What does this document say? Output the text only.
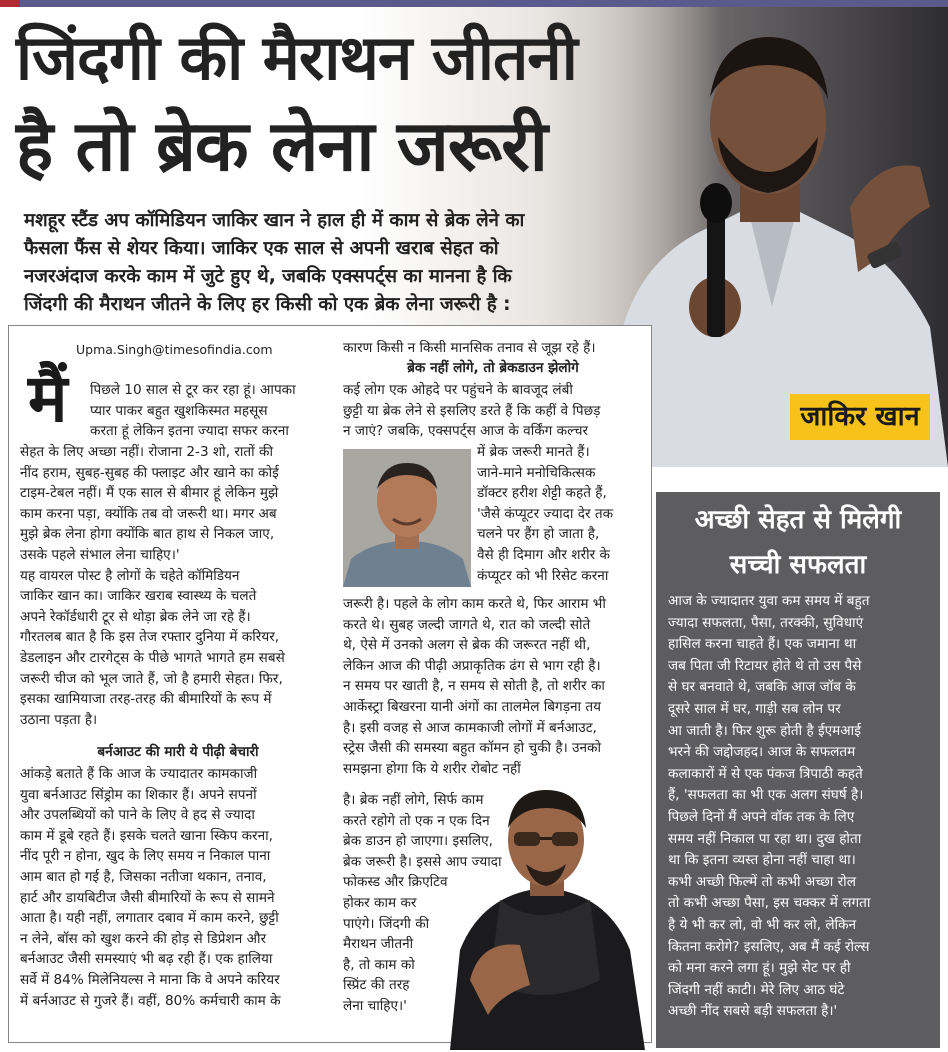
जिंदगी की मैराथन जीतनी
है तो ब्रेक लेना जरूरी

मशहूर स्टैंड अप कॉमिडियन जाकिर खान ने हाल ही में काम से ब्रेक लेने का

फैसला फैंस से शेयर किया। जाकिर एक साल से अपनी खराब सेहत को

नजरअंदाज करके काम में जुटे हुए थे, जबकि एक्सपर्ट्स का मानना है कि

जिंदगी की मैराथन जीतने के लिए हर किसी को एक ब्रेक लेना जरूरी है :

जाकिर खान
Upma.Singh@timesofindia.com
मैं पिछले 10 साल से टूर कर रहा हूं। आपका

प्यार पाकर बहुत खुशकिस्मत महसूस

करता हूं लेकिन इतना ज्यादा सफर करना

सेहत के लिए अच्छा नहीं। रोजाना 2-3 शो, रातों की

नींद हराम, सुबह-सुबह की फ्लाइट और खाने का कोई

टाइम-टेबल नहीं। मैं एक साल से बीमार हूं लेकिन मुझे

काम करना पड़ा, क्योंकि तब वो जरूरी था। मगर अब

मुझे ब्रेक लेना होगा क्योंकि बात हाथ से निकल जाए,

उसके पहले संभाल लेना चाहिए।'

यह वायरल पोस्ट है लोगों के चहेते कॉमिडियन

जाकिर खान का। जाकिर खराब स्वास्थ्य के चलते

अपने रेकॉर्डधारी टूर से थोड़ा ब्रेक लेने जा रहे हैं।

गौरतलब बात है कि इस तेज रफ्तार दुनिया में करियर,

डेडलाइन और टारगेट्स के पीछे भागते भागते हम सबसे

जरूरी चीज को भूल जाते हैं, जो है हमारी सेहत। फिर,

इसका खामियाजा तरह-तरह की बीमारियों के रूप में

उठाना पड़ता है।

बर्नआउट की मारी ये पीढ़ी बेचारी

आंकड़े बताते हैं कि आज के ज्यादातर कामकाजी

युवा बर्नआउट सिंड्रोम का शिकार हैं। अपने सपनों

और उपलब्धियों को पाने के लिए वे हद से ज्यादा

काम में डूबे रहते हैं। इसके चलते खाना स्किप करना,

नींद पूरी न होना, खुद के लिए समय न निकाल पाना

आम बात हो गई है, जिसका नतीजा थकान, तनाव,

हार्ट और डायबिटीज जैसी बीमारियों के रूप से सामने

आता है। यही नहीं, लगातार दबाव में काम करने, छुट्टी

न लेने, बॉस को खुश करने की होड़ से डिप्रेशन और

बर्नआउट जैसी समस्याएं भी बढ़ रही हैं। एक हालिया

सर्वे में 84% मिलेनियल्स ने माना कि वे अपने करियर

में बर्नआउट से गुजरे हैं। वहीं, 80% कर्मचारी काम के

कारण किसी न किसी मानसिक तनाव से जूझ रहे हैं।

ब्रेक नहीं लोगे, तो ब्रेकडाउन झेलोगे

कई लोग एक ओहदे पर पहुंचने के बावजूद लंबी

छुट्टी या ब्रेक लेने से इसलिए डरते हैं कि कहीं वे पिछड़

न जाएं? जबकि, एक्सपर्ट्स आज के वर्किंग कल्चर

में ब्रेक जरूरी मानते हैं।

जाने-माने मनोचिकित्सक

डॉक्टर हरीश शेट्टी कहते हैं,

'जैसे कंप्यूटर ज्यादा देर तक

चलने पर हैंग हो जाता है,

वैसे ही दिमाग और शरीर के

कंप्यूटर को भी रिसेट करना

जरूरी है। पहले के लोग काम करते थे, फिर आराम भी

करते थे। सुबह जल्दी जागते थे, रात को जल्दी सोते

थे, ऐसे में उनको अलग से ब्रेक की जरूरत नहीं थी,

लेकिन आज की पीढ़ी अप्राकृतिक ढंग से भाग रही है।

न समय पर खाती है, न समय से सोती है, तो शरीर का

आर्केस्ट्रा बिखरना यानी अंगों का तालमेल बिगड़ना तय

है। इसी वजह से आज कामकाजी लोगों में बर्नआउट,

स्ट्रेस जैसी की समस्या बहुत कॉमन हो चुकी है। उनको

समझना होगा कि ये शरीर रोबोट नहीं

है। ब्रेक नहीं लोगे, सिर्फ काम

करते रहोगे तो एक न एक दिन

ब्रेक डाउन हो जाएगा। इसलिए,

ब्रेक जरूरी है। इससे आप ज्यादा

फोकस्ड और क्रिएटिव

होकर काम कर

पाएंगे। जिंदगी की

मैराथन जीतनी

है, तो काम को

स्प्रिंट की तरह

लेना चाहिए।'

अच्छी सेहत से मिलेगी
सच्ची सफलता

आज के ज्यादातर युवा कम समय में बहुत

ज्यादा सफलता, पैसा, तरक्की, सुविधाएं

हासिल करना चाहते हैं। एक जमाना था

जब पिता जी रिटायर होते थे तो उस पैसे

से घर बनवाते थे, जबकि आज जॉब के

दूसरे साल में घर, गाड़ी सब लोन पर

आ जाती है। फिर शुरू होती है ईएमआई

भरने की जद्दोजहद। आज के सफलतम

कलाकारों में से एक पंकज त्रिपाठी कहते

हैं, 'सफलता का भी एक अलग संघर्ष है।

पिछले दिनों मैं अपने वॉक तक के लिए

समय नहीं निकाल पा रहा था। दुख होता

था कि इतना व्यस्त होना नहीं चाहा था।

कभी अच्छी फिल्में तो कभी अच्छा रोल

तो कभी अच्छा पैसा, इस चक्कर में लगता

है ये भी कर लो, वो भी कर लो, लेकिन

कितना करोगे? इसलिए, अब मैं कई रोल्स

को मना करने लगा हूं। मुझे सेट पर ही

जिंदगी नहीं काटी। मेरे लिए आठ घंटे

अच्छी नींद सबसे बड़ी सफलता है।'
